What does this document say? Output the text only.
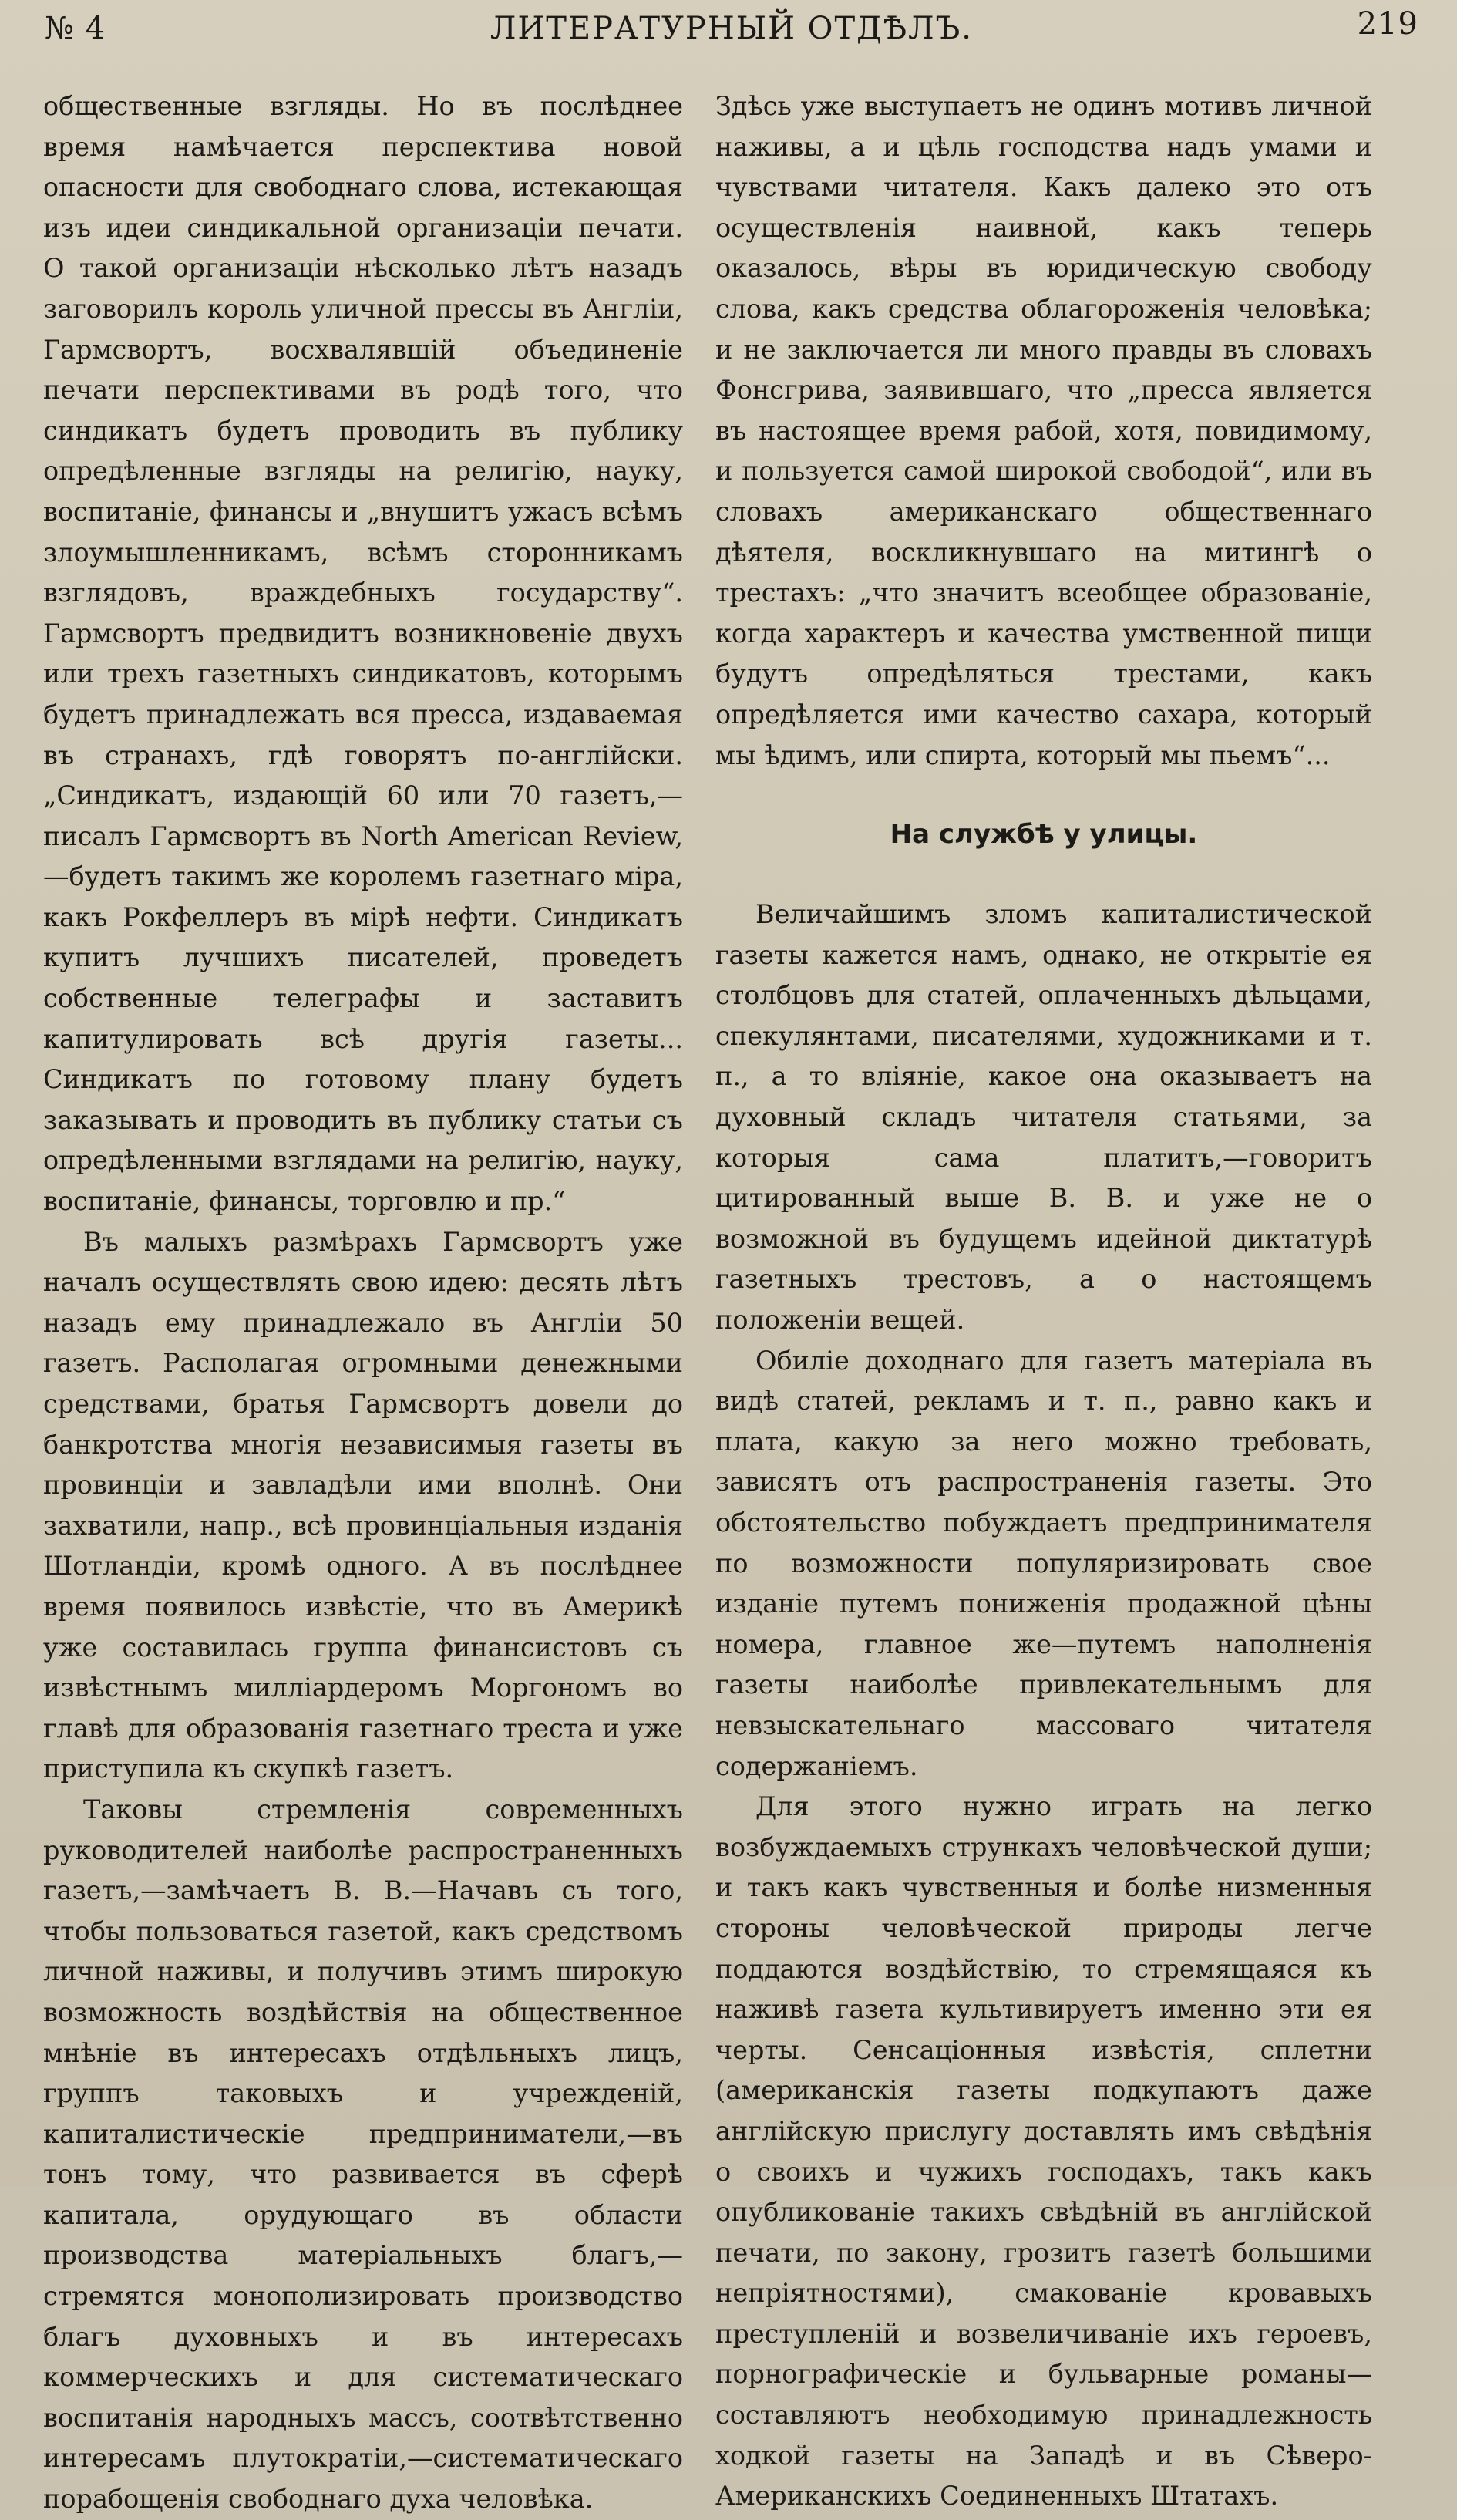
№ 4	ЛИТЕРАТУРНЫЙ ОТДѢЛЪ.	219

общественные взгляды. Но въ послѣднее время намѣчается перспектива новой опасности для свободнаго слова, истекающая изъ идеи синдикальной организаціи печати. О такой организаціи нѣсколько лѣтъ назадъ заговорилъ король уличной прессы въ Англіи, Гармсвортъ, восхвалявшій объединеніе печати перспективами въ родѣ того, что синдикатъ будетъ проводить въ публику опредѣленные взгляды на религію, науку, воспитаніе, финансы и „внушитъ ужасъ всѣмъ злоумышленникамъ, всѣмъ сторонникамъ взглядовъ, враждебныхъ государству“. Гармсвортъ предвидитъ возникновеніе двухъ или трехъ газетныхъ синдикатовъ, которымъ будетъ принадлежать вся пресса, издаваемая въ странахъ, гдѣ говорятъ по-англійски. „Синдикатъ, издающій 60 или 70 газетъ,—писалъ Гармсвортъ въ North American Review,—будетъ такимъ же королемъ газетнаго міра, какъ Рокфеллеръ въ мірѣ нефти. Синдикатъ купитъ лучшихъ писателей, проведетъ собственные телеграфы и заставитъ капитулировать всѣ другія газеты... Синдикатъ по готовому плану будетъ заказывать и проводить въ публику статьи съ опредѣленными взглядами на религію, науку, воспитаніе, финансы, торговлю и пр.“

Въ малыхъ размѣрахъ Гармсвортъ уже началъ осуществлять свою идею: десять лѣтъ назадъ ему принадлежало въ Англіи 50 газетъ. Располагая огромными денежными средствами, братья Гармсвортъ довели до банкротства многія независимыя газеты въ провинціи и завладѣли ими вполнѣ. Они захватили, напр., всѣ провинціальныя изданія Шотландіи, кромѣ одного. А въ послѣднее время появилось извѣстіе, что въ Америкѣ уже составилась группа финансистовъ съ извѣстнымъ милліардеромъ Моргономъ во главѣ для образованія газетнаго треста и уже приступила къ скупкѣ газетъ.

Таковы стремленія современныхъ руководителей наиболѣе распространенныхъ газетъ,—замѣчаетъ В. В.—Начавъ съ того, чтобы пользоваться газетой, какъ средствомъ личной наживы, и получивъ этимъ широкую возможность воздѣйствія на общественное мнѣніе въ интересахъ отдѣльныхъ лицъ, группъ таковыхъ и учрежденій, капиталистическіе предприниматели,—въ тонъ тому, что развивается въ сферѣ капитала, орудующаго въ области производства матеріальныхъ благъ,—стремятся монополизировать производство благъ духовныхъ и въ интересахъ коммерческихъ и для систематическаго воспитанія народныхъ массъ, соотвѣтственно интересамъ плутократіи,—систематическаго порабощенія свободнаго духа человѣка.

Здѣсь уже выступаетъ не одинъ мотивъ личной наживы, а и цѣль господства надъ умами и чувствами читателя. Какъ далеко это отъ осуществленія наивной, какъ теперь оказалось, вѣры въ юридическую свободу слова, какъ средства облагороженія человѣка; и не заключается ли много правды въ словахъ Фонсгрива, заявившаго, что „пресса является въ настоящее время рабой, хотя, повидимому, и пользуется самой широкой свободой“, или въ словахъ американскаго общественнаго дѣятеля, воскликнувшаго на митингѣ о трестахъ: „что значитъ всеобщее образованіе, когда характеръ и качества умственной пищи будутъ опредѣляться трестами, какъ опредѣляется ими качество сахара, который мы ѣдимъ, или спирта, который мы пьемъ“...

На службѣ у улицы.

Величайшимъ зломъ капиталистической газеты кажется намъ, однако, не открытіе ея столбцовъ для статей, оплаченныхъ дѣльцами, спекулянтами, писателями, художниками и т. п., а то вліяніе, какое она оказываетъ на духовный складъ читателя статьями, за которыя сама платитъ,—говоритъ цитированный выше В. В. и уже не о возможной въ будущемъ идейной диктатурѣ газетныхъ трестовъ, а о настоящемъ положеніи вещей.

Обиліе доходнаго для газетъ матеріала въ видѣ статей, рекламъ и т. п., равно какъ и плата, какую за него можно требовать, зависятъ отъ распространенія газеты. Это обстоятельство побуждаетъ предпринимателя по возможности популяризировать свое изданіе путемъ пониженія продажной цѣны номера, главное же—путемъ наполненія газеты наиболѣе привлекательнымъ для невзыскательнаго массоваго читателя содержаніемъ.

Для этого нужно играть на легко возбуждаемыхъ стрункахъ человѣческой души; и такъ какъ чувственныя и болѣе низменныя стороны человѣческой природы легче поддаются воздѣйствію, то стремящаяся къ наживѣ газета культивируетъ именно эти ея черты. Сенсаціонныя извѣстія, сплетни (американскія газеты подкупаютъ даже англійскую прислугу доставлять имъ свѣдѣнія о своихъ и чужихъ господахъ, такъ какъ опубликованіе такихъ свѣдѣній въ англійской печати, по закону, грозитъ газетѣ большими непріятностями), смакованіе кровавыхъ преступленій и возвеличиваніе ихъ героевъ, порнографическіе и бульварные романы—составляютъ необходимую принадлежность ходкой газеты на Западѣ и въ Сѣверо-Американскихъ Соединенныхъ Штатахъ.
